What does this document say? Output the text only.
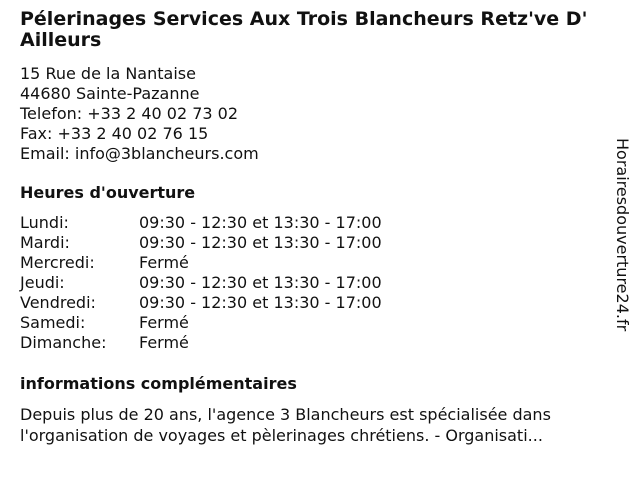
Pélerinages Services Aux Trois Blancheurs Retz've D' Ailleurs
15 Rue de la Nantaise
44680 Sainte-Pazanne
Telefon: +33 2 40 02 73 02
Fax: +33 2 40 02 76 15
Email: info@3blancheurs.com
Heures d'ouverture
Lundi:	09:30 - 12:30 et 13:30 - 17:00
Mardi:	09:30 - 12:30 et 13:30 - 17:00
Mercredi:	Fermé
Jeudi:	09:30 - 12:30 et 13:30 - 17:00
Vendredi:	09:30 - 12:30 et 13:30 - 17:00
Samedi:	Fermé
Dimanche: Fermé
informations complémentaires
Depuis plus de 20 ans, l'agence 3 Blancheurs est spécialisée dans
l'organisation de voyages et pèlerinages chrétiens. - Organisati...
Horairesdouverture24.fr
